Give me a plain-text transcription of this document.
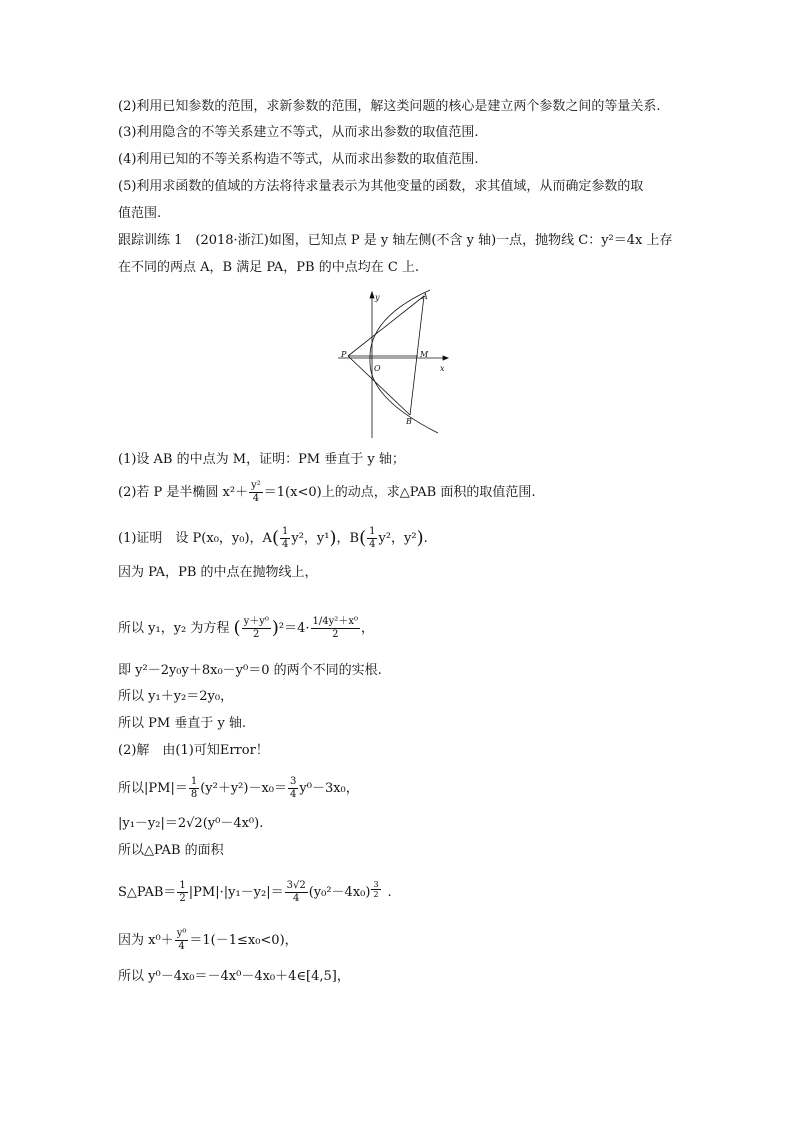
(2)利用已知参数的范围，求新参数的范围，解这类问题的核心是建立两个参数之间的等量关系.
(3)利用隐含的不等关系建立不等式，从而求出参数的取值范围.
(4)利用已知的不等关系构造不等式，从而求出参数的取值范围.
(5)利用求函数的值域的方法将待求量表示为其他变量的函数，求其值域，从而确定参数的取
值范围.
跟踪训练 1　(2018·浙江)如图，已知点 P 是 y 轴左侧(不含 y 轴)一点，抛物线 C：y²＝4x 上存
在不同的两点 A，B 满足 PA，PB 的中点均在 C 上.
y	A
P	M
O	x
B
(1)设 AB 的中点为 M，证明：PM 垂直于 y 轴；
(2)若 P 是半椭圆 $x^2+ \frac{\text{y²}}{4} =1(x<0)$上的动点，求△PAB 面积的取值范围.
(1)证明　设 P(x₀，y₀)，$A( \frac{1}{4} y^2$，y¹)，$B( \frac{1}{4} y^2$，y²).
因为 PA，PB 的中点在抛物线上，
所以 y₁，y₂ 为方程 ( $\frac{\text{y＋y⁰}}{2} )^2=4\cdot \frac{\text{1/4y²＋x⁰}}{2}$ ，
即 y²－2y₀y＋8x₀－y⁰＝0 的两个不同的实根.
所以 y₁＋y₂＝2y₀，
所以 PM 垂直于 y 轴.
(2)解　由(1)可知Error！
所以$|PM|= \frac{1}{8} (y^2+y^2)-x_0= \frac{3}{4} y^0-3x_0$，
|y₁－y₂|＝2√2(y⁰－4x⁰).
所以△PAB 的面积
S△PAB＝ $\frac{1}{2} |PM|\cdot|y_1-y_2|= \frac{3√2}{4} (y_0^2-4x_0) \frac{3}{2}$ .
因为 $x^0+ \frac{\text{y⁰}}{4} =1(-1\le x_0<0)$，
所以 y⁰－4x₀＝－4x⁰－4x₀＋4∈[4,5]，
